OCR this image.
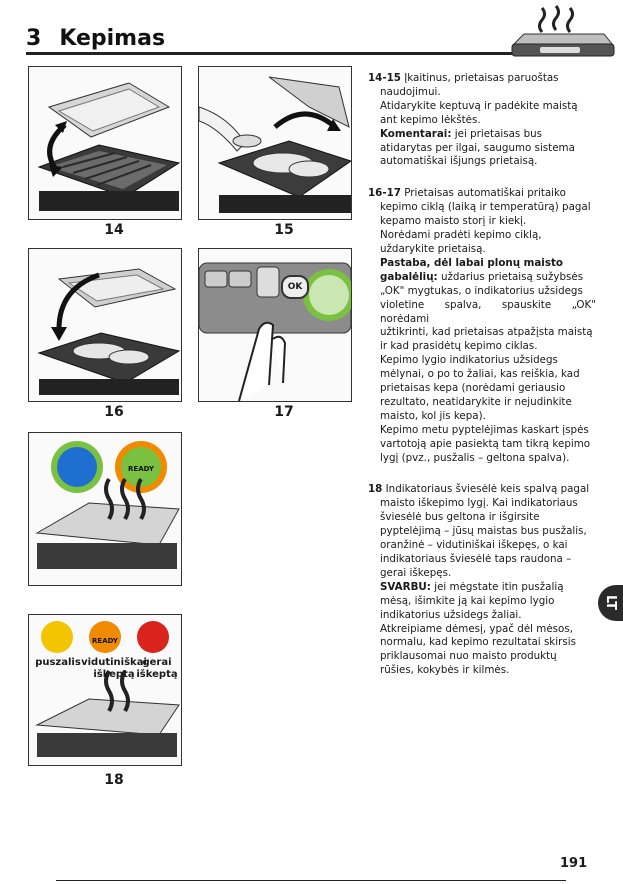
3 Kepimas
14	15
16
OK
17
READY
READY
puszalis vidutiniškai
iškeptą
gerai
iškeptą
18
14-15 Įkaitinus, prietaisas paruoštas
naudojimui.
Atidarykite keptuvą ir padėkite maistą
ant kepimo lėkštės.
Komentarai: jei prietaisas bus
atidarytas per ilgai, saugumo sistema
automatiškai išjungs prietaisą.
16-17 Prietaisas automatiškai pritaiko
kepimo ciklą (laiką ir temperatūrą) pagal
kepamo maisto storį ir kiekį.
Norėdami pradėti kepimo ciklą,
uždarykite prietaisą.
Pastaba, dėl labai plonų maisto
gabalėlių: uždarius prietaisą sužybsės
„OK" mygtukas, o indikatorius užsidegs
violetine spalva, spauskite „OK" norėdami
užtikrinti, kad prietaisas atpažįsta maistą
ir kad prasidėtų kepimo ciklas.
Kepimo lygio indikatorius užsidegs
mėlynai, o po to žaliai, kas reiškia, kad
prietaisas kepa (norėdami geriausio
rezultato, neatidarykite ir nejudinkite
maisto, kol jis kepa).
Kepimo metu pyptelėjimas kaskart įspės
vartotoją apie pasiektą tam tikrą kepimo
lygį (pvz., pusžalis – geltona spalva).
18 Indikatoriaus šviesėlė keis spalvą pagal
maisto iškepimo lygį. Kai indikatoriaus
šviesėlė bus geltona ir išgirsite
pyptelėjimą – jūsų maistas bus pusžalis,
oranžinė – vidutiniškai iškepęs, o kai
indikatoriaus šviesėlė taps raudona –
gerai iškepęs.
SVARBU: jei mėgstate itin pusžalią
mėsą, išimkite ją kai kepimo lygio
indikatorius užsidegs žaliai.
Atkreipiame dėmesį, ypač dėl mėsos,
normalu, kad kepimo rezultatai skirsis
priklausomai nuo maisto produktų
rūšies, kokybės ir kilmės.
LT
191
